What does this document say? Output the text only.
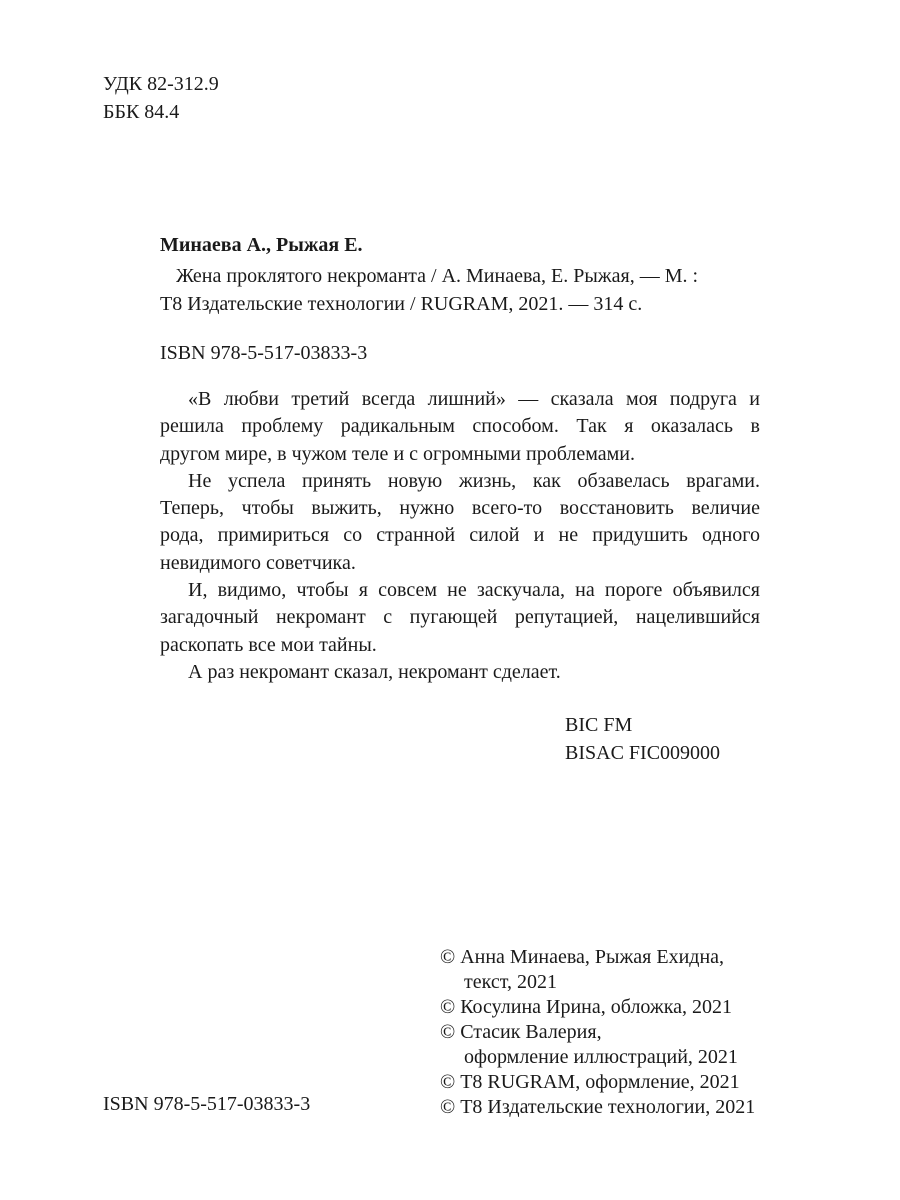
УДК 82-312.9
ББК 84.4
Минаева А., Рыжая Е.
Жена проклятого некроманта / А. Минаева, Е. Рыжая, — М. :
Т8 Издательские технологии / RUGRAM, 2021. — 314 с.
ISBN 978-5-517-03833-3

«В любви третий всегда лишний» — сказала моя подруга и
решила проблему радикальным способом. Так я оказалась в
другом мире, в чужом теле и с огромными проблемами.

Не успела принять новую жизнь, как обзавелась врагами.
Теперь, чтобы выжить, нужно всего-то восстановить величие
рода, примириться со странной силой и не придушить одного
невидимого советчика.

И, видимо, чтобы я совсем не заскучала, на пороге объявился
загадочный некромант с пугающей репутацией, нацелившийся
раскопать все мои тайны.

А раз некромант сказал, некромант сделает.

BIC FM
BISAC FIC009000
© Анна Минаева, Рыжая Ехидна,
текст, 2021
© Косулина Ирина, обложка, 2021
© Стасик Валерия,
оформление иллюстраций, 2021
© Т8 RUGRAM, оформление, 2021
© Т8 Издательские технологии, 2021
ISBN 978-5-517-03833-3
